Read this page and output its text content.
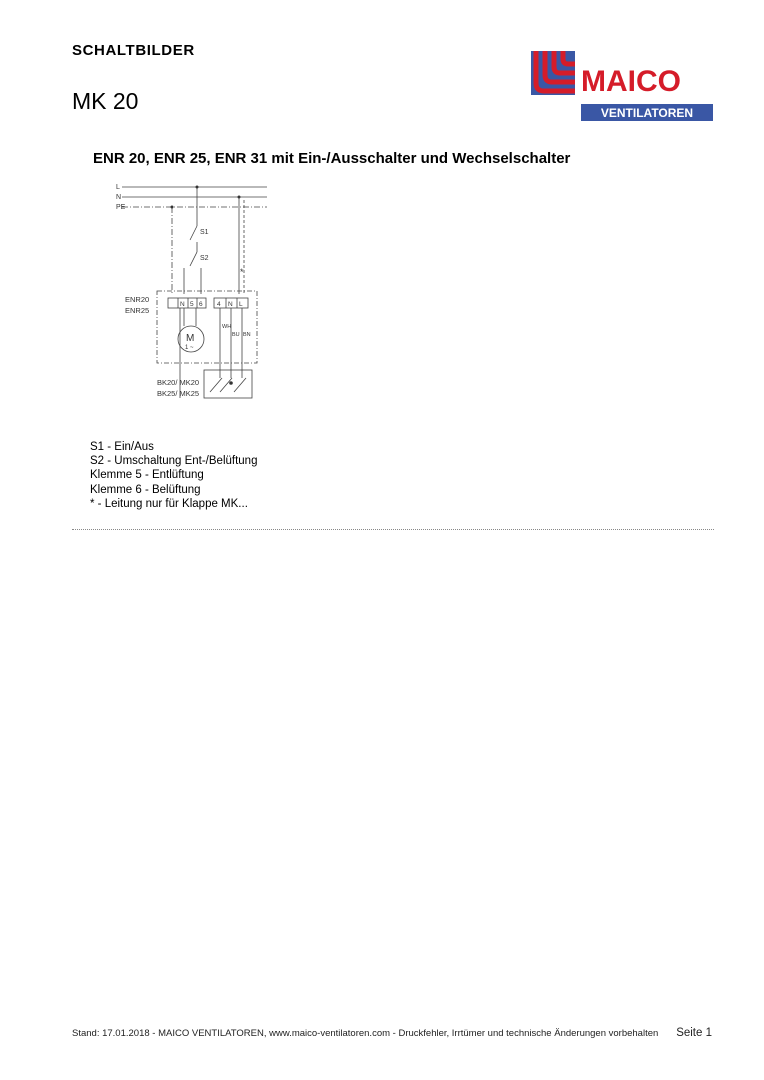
SCHALTBILDER
MK 20
MAICO
VENTILATOREN
ENR 20, ENR 25, ENR 31 mit Ein-/Ausschalter und Wechselschalter
L
N
PE
S1
S2
*
ENR20
ENR25
N 5 6 4 N L
M
1 ~
WH
BU BN
BK20/ MK20
BK25/ MK25
S1 - Ein/Aus
S2 - Umschaltung Ent-/Belüftung
Klemme 5 - Entlüftung
Klemme 6 - Belüftung
* - Leitung nur für Klappe MK...
Stand: 17.01.2018 - MAICO VENTILATOREN, www.maico-ventilatoren.com - Druckfehler, Irrtümer und technische Änderungen vorbehalten Seite 1
